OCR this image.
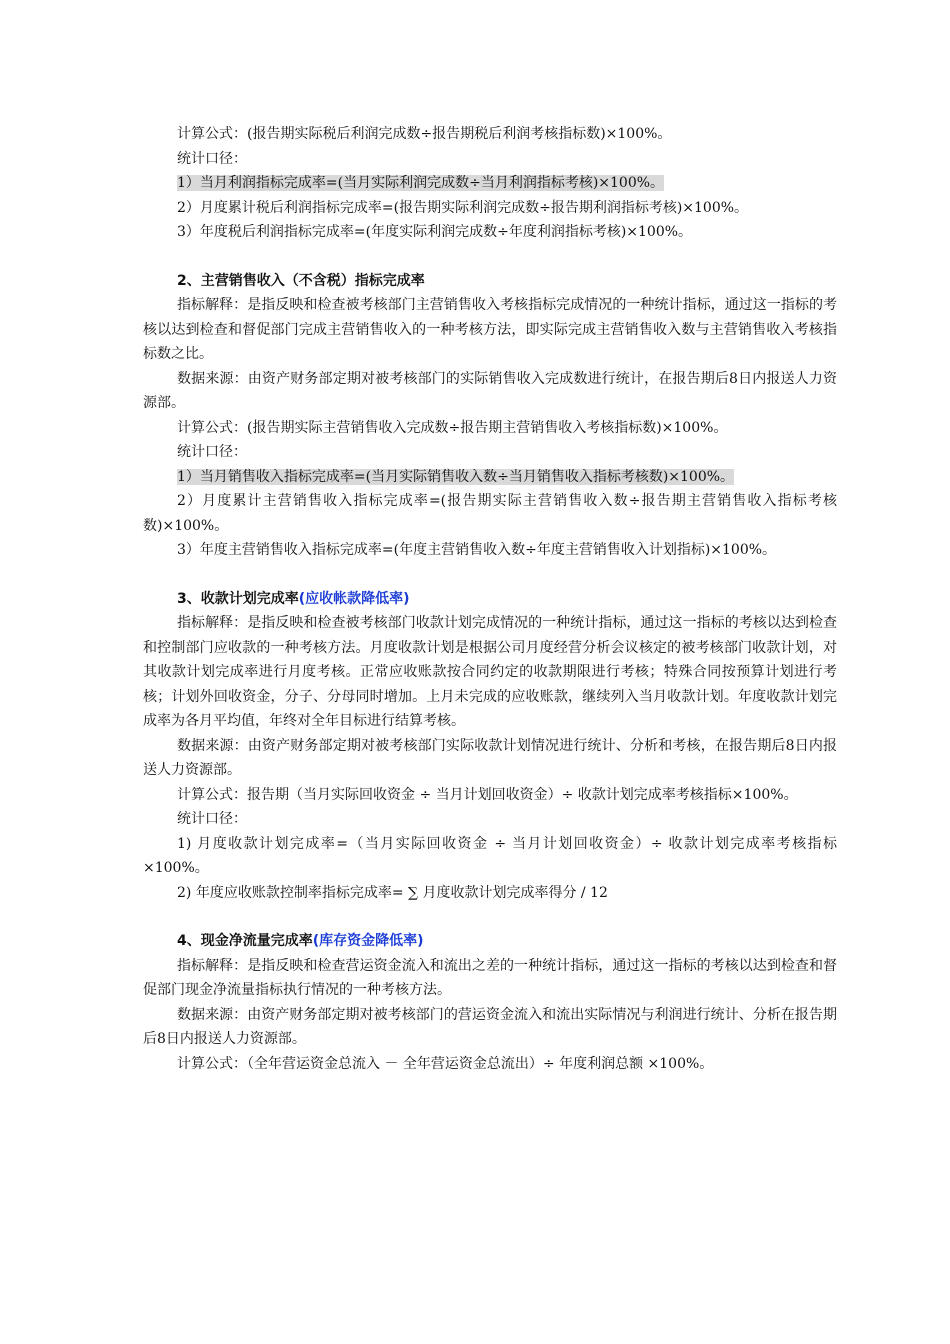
计算公式：(报告期实际税后利润完成数÷报告期税后利润考核指标数)×100%。

统计口径：

1）当月利润指标完成率=(当月实际利润完成数÷当月利润指标考核)×100%。

2）月度累计税后利润指标完成率=(报告期实际利润完成数÷报告期利润指标考核)×100%。

3）年度税后利润指标完成率=(年度实际利润完成数÷年度利润指标考核)×100%。

2、主营销售收入（不含税）指标完成率

指标解释：是指反映和检查被考核部门主营销售收入考核指标完成情况的一种统计指标，通过这一指标的考核以达到检查和督促部门完成主营销售收入的一种考核方法，即实际完成主营销售收入数与主营销售收入考核指标数之比。

数据来源：由资产财务部定期对被考核部门的实际销售收入完成数进行统计，在报告期后8日内报送人力资源部。

计算公式：(报告期实际主营销售收入完成数÷报告期主营销售收入考核指标数)×100%。

统计口径：

1）当月销售收入指标完成率=(当月实际销售收入数÷当月销售收入指标考核数)×100%。

2）月度累计主营销售收入指标完成率=(报告期实际主营销售收入数÷报告期主营销售收入指标考核数)×100%。

3）年度主营销售收入指标完成率=(年度主营销售收入数÷年度主营销售收入计划指标)×100%。

3、收款计划完成率(应收帐款降低率)

指标解释：是指反映和检查被考核部门收款计划完成情况的一种统计指标，通过这一指标的考核以达到检查和控制部门应收款的一种考核方法。月度收款计划是根据公司月度经营分析会议核定的被考核部门收款计划，对其收款计划完成率进行月度考核。正常应收账款按合同约定的收款期限进行考核；特殊合同按预算计划进行考核；计划外回收资金，分子、分母同时增加。上月未完成的应收账款，继续列入当月收款计划。年度收款计划完成率为各月平均值，年终对全年目标进行结算考核。

数据来源：由资产财务部定期对被考核部门实际收款计划情况进行统计、分析和考核，在报告期后8日内报送人力资源部。

计算公式：报告期（当月实际回收资金 ÷ 当月计划回收资金）÷ 收款计划完成率考核指标×100%。

统计口径：

1) 月度收款计划完成率=（当月实际回收资金 ÷ 当月计划回收资金）÷ 收款计划完成率考核指标×100%。

2) 年度应收账款控制率指标完成率= ∑ 月度收款计划完成率得分 / 12

4、现金净流量完成率(库存资金降低率)

指标解释：是指反映和检查营运资金流入和流出之差的一种统计指标，通过这一指标的考核以达到检查和督促部门现金净流量指标执行情况的一种考核方法。

数据来源：由资产财务部定期对被考核部门的营运资金流入和流出实际情况与利润进行统计、分析在报告期后8日内报送人力资源部。

计算公式：（全年营运资金总流入 － 全年营运资金总流出）÷ 年度利润总额 ×100%。
